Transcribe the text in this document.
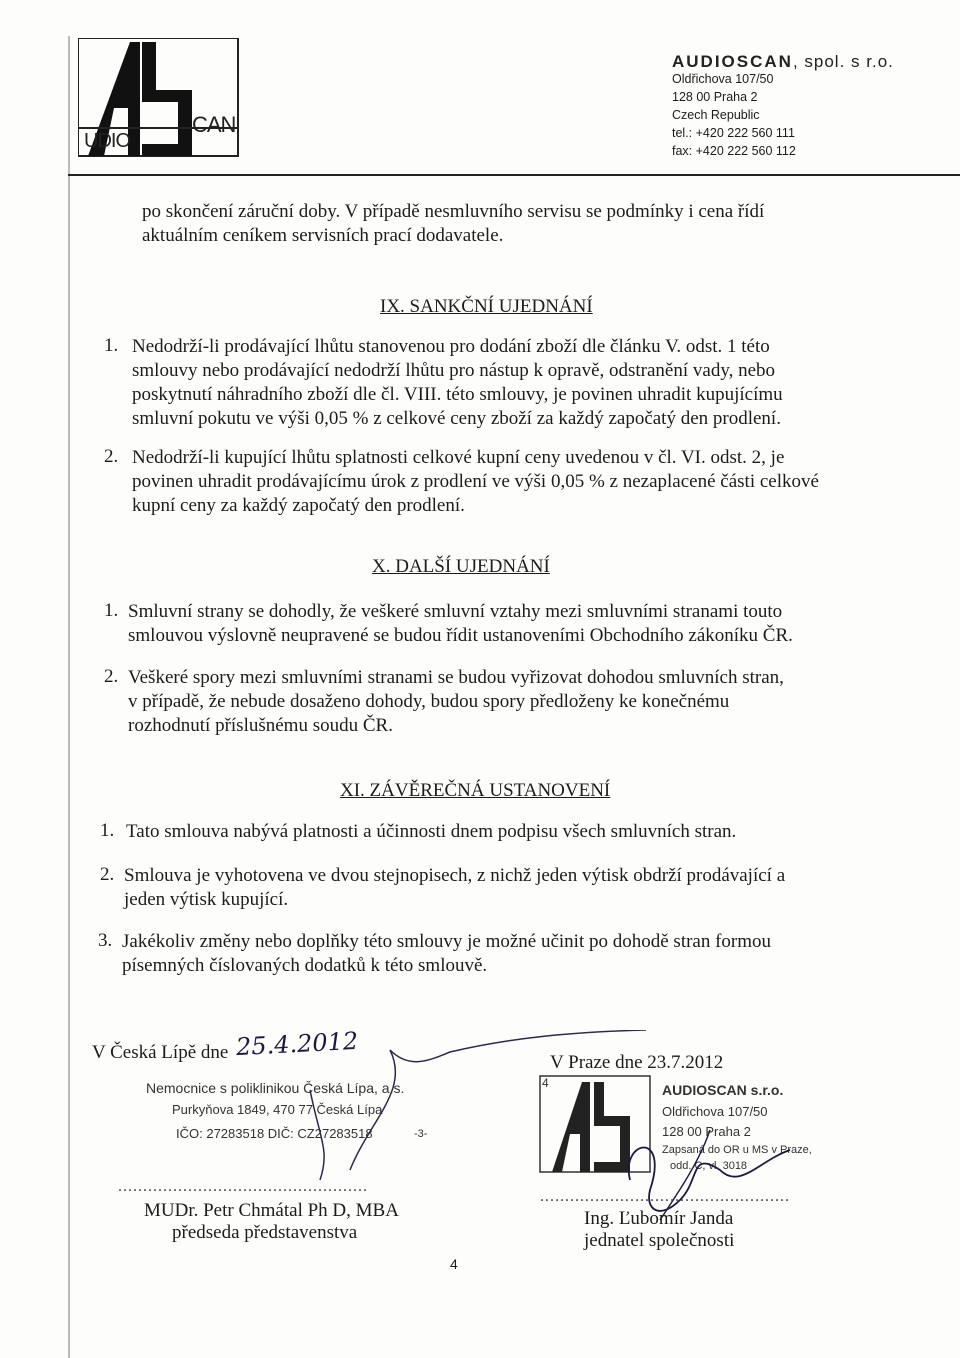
UDIO
CAN
AUDIOSCAN, spol. s r.o.
Oldřichova 107/50
128 00 Praha 2
Czech Republic
tel.: +420 222 560 111
fax: +420 222 560 112
po skončení záruční doby. V případě nesmluvního servisu se podmínky i cena řídí
aktuálním ceníkem servisních prací dodavatele.
IX. SANKČNÍ UJEDNÁNÍ
1. Nedodrží-li prodávající lhůtu stanovenou pro dodání zboží dle článku V. odst. 1 této
smlouvy nebo prodávající nedodrží lhůtu pro nástup k opravě, odstranění vady, nebo
poskytnutí náhradního zboží dle čl. VIII. této smlouvy, je povinen uhradit kupujícímu
smluvní pokutu ve výši 0,05 % z celkové ceny zboží za každý započatý den prodlení.
2. Nedodrží-li kupující lhůtu splatnosti celkové kupní ceny uvedenou v čl. VI. odst. 2, je
povinen uhradit prodávajícímu úrok z prodlení ve výši 0,05 % z nezaplacené části celkové
kupní ceny za každý započatý den prodlení.
X. DALŠÍ UJEDNÁNÍ
1. Smluvní strany se dohodly, že veškeré smluvní vztahy mezi smluvními stranami touto
smlouvou výslovně neupravené se budou řídit ustanoveními Obchodního zákoníku ČR.
2. Veškeré spory mezi smluvními stranami se budou vyřizovat dohodou smluvních stran,
v případě, že nebude dosaženo dohody, budou spory předloženy ke konečnému
rozhodnutí příslušnému soudu ČR.
XI. ZÁVĚREČNÁ USTANOVENÍ
1. Tato smlouva nabývá platnosti a účinnosti dnem podpisu všech smluvních stran.
2. Smlouva je vyhotovena ve dvou stejnopisech, z nichž jeden výtisk obdrží prodávající a
jeden výtisk kupující.
3. Jakékoliv změny nebo doplňky této smlouvy je možné učinit po dohodě stran formou
písemných číslovaných dodatků k této smlouvě.
V Česká Lípě dne 25.4.2012
Nemocnice s poliklinikou Česká Lípa, a.s.
Purkyňova 1849, 470 77 Česká Lípa
IČO: 27283518 DIČ: CZ27283518	-3-
..................................................
MUDr. Petr Chmátal Ph D, MBA
předseda představenstva
V Praze dne 23.7.2012
4	AUDIOSCAN s.r.o.
Oldřichova 107/50
128 00 Praha 2
Zapsaná do OR u MS v Praze,
odd. C, vl. 3018
..................................................
Ing. Ľubomír Janda
jednatel společnosti
4
